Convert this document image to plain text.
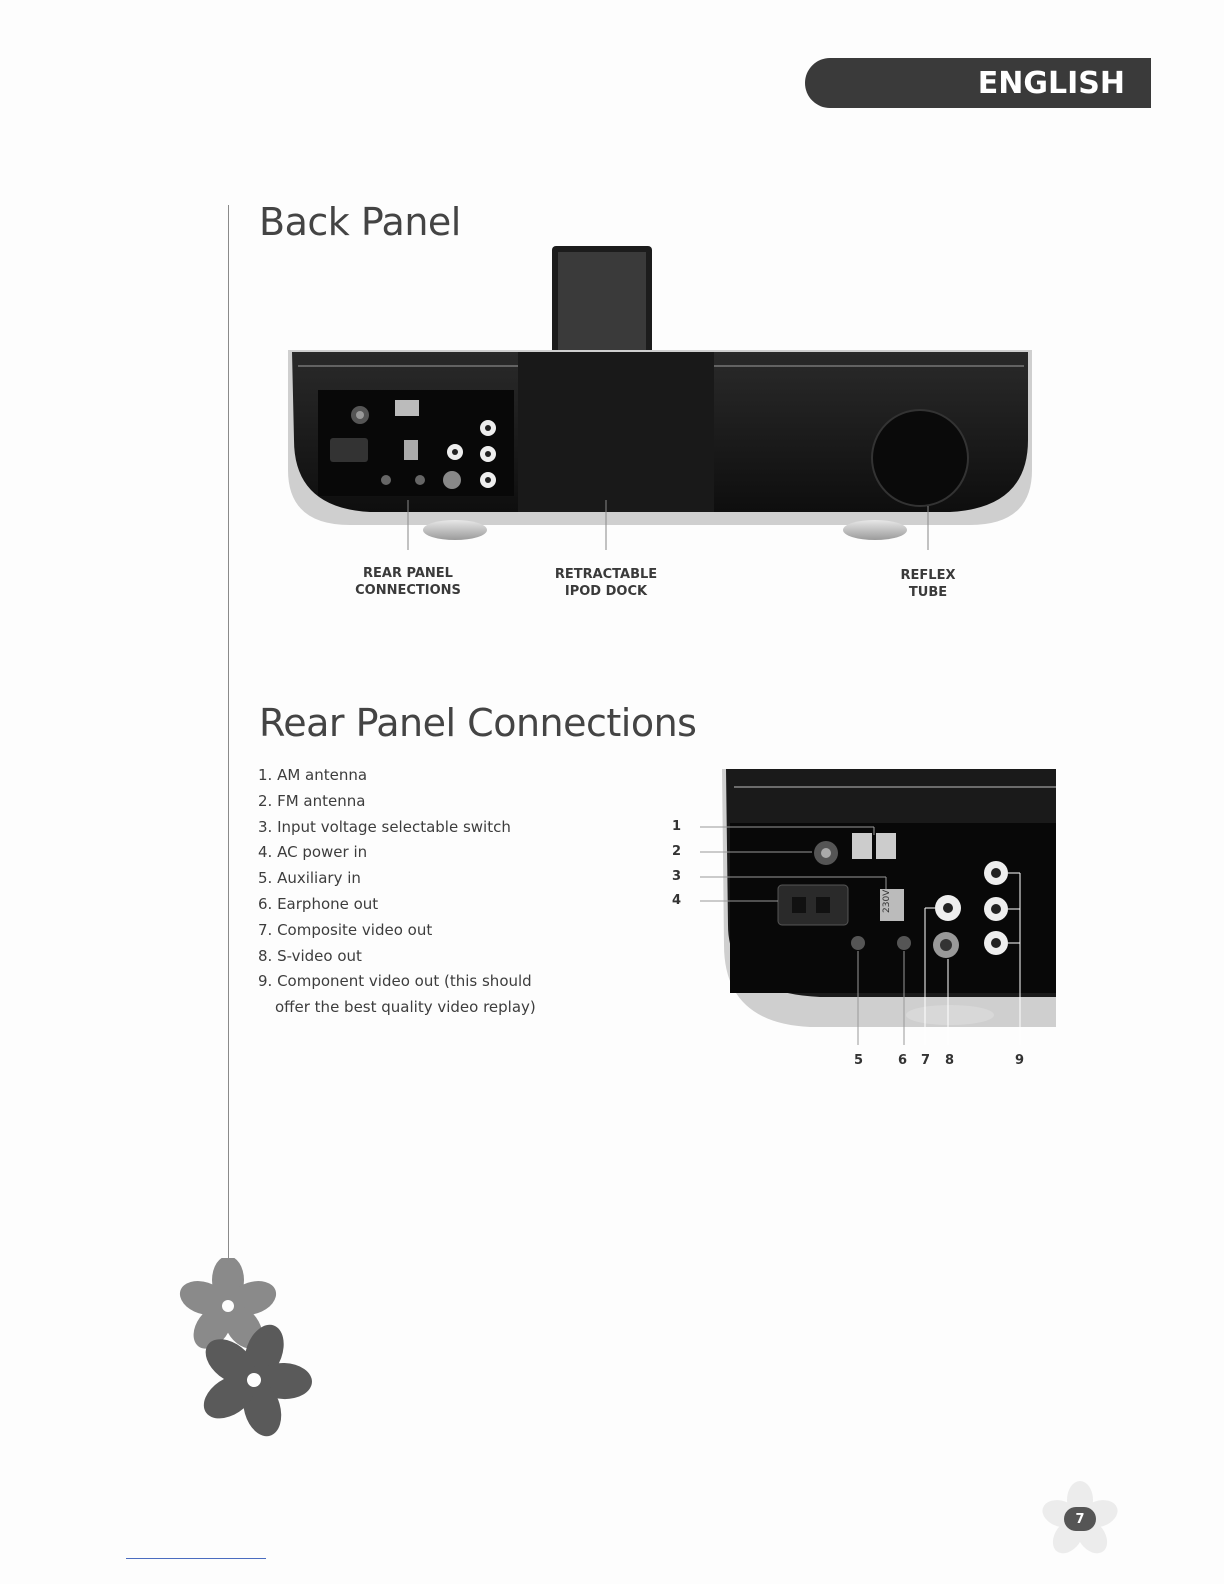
ENGLISH
Back Panel
REAR PANEL
CONNECTIONS
RETRACTABLE
IPOD DOCK
REFLEX
TUBE
Rear Panel Connections
1. AM antenna
2. FM antenna
3. Input voltage selectable switch
4. AC power in
5. Auxiliary in
6. Earphone out
7. Composite video out
8. S-video out
9. Component video out (this should
offer the best quality video replay)
230V
1
2
3
4
5	6 7 8	9
7
